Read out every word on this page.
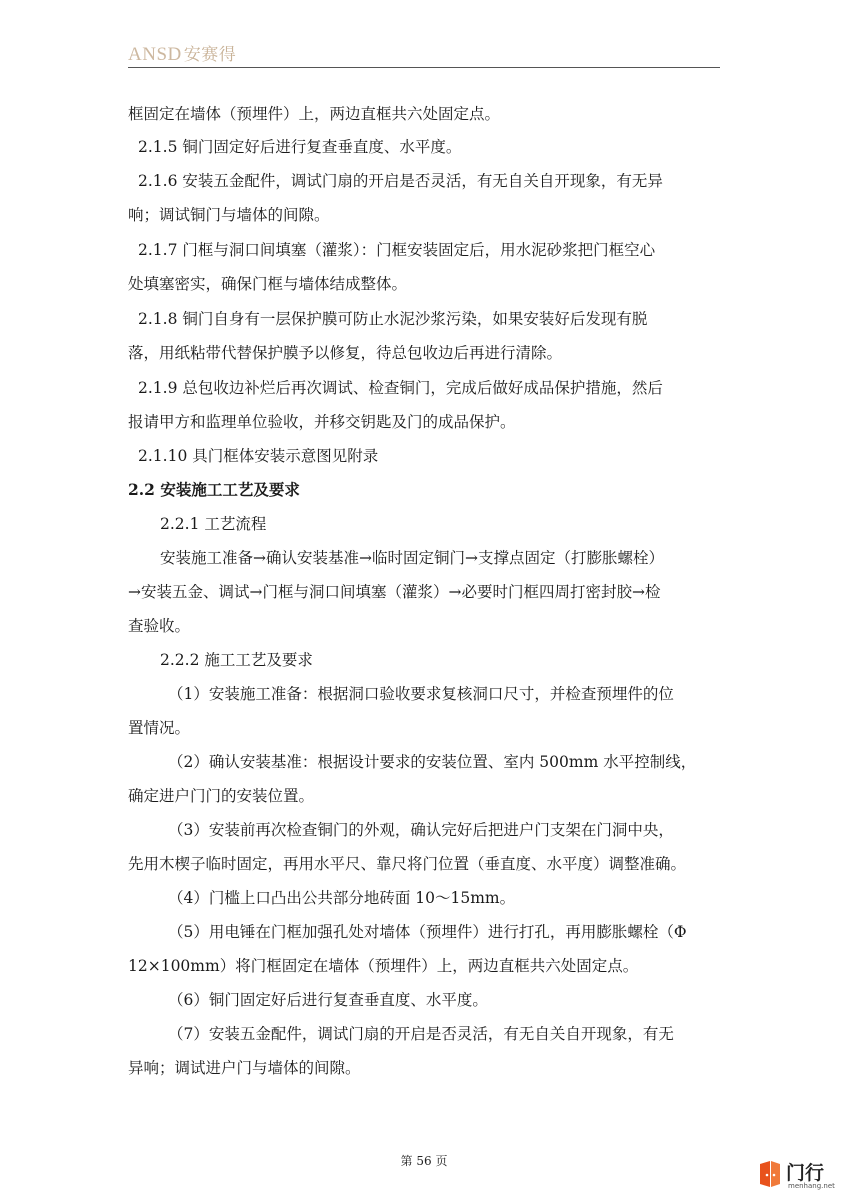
ANSD 安赛得
框固定在墙体（预埋件）上，两边直框共六处固定点。
2.1.5 铜门固定好后进行复查垂直度、水平度。
2.1.6 安装五金配件，调试门扇的开启是否灵活，有无自关自开现象，有无异
响；调试铜门与墙体的间隙。
2.1.7 门框与洞口间填塞（灌浆）：门框安装固定后，用水泥砂浆把门框空心
处填塞密实，确保门框与墙体结成整体。
2.1.8 铜门自身有一层保护膜可防止水泥沙浆污染，如果安装好后发现有脱
落，用纸粘带代替保护膜予以修复，待总包收边后再进行清除。
2.1.9 总包收边补烂后再次调试、检查铜门，完成后做好成品保护措施，然后
报请甲方和监理单位验收，并移交钥匙及门的成品保护。
2.1.10 具门框体安装示意图见附录
2.2 安装施工工艺及要求
2.2.1 工艺流程
安装施工准备→确认安装基准→临时固定铜门→支撑点固定（打膨胀螺栓）
→安装五金、调试→门框与洞口间填塞（灌浆）→必要时门框四周打密封胶→检
查验收。
2.2.2 施工工艺及要求
（1）安装施工准备：根据洞口验收要求复核洞口尺寸，并检查预埋件的位
置情况。
（2）确认安装基准：根据设计要求的安装位置、室内 500mm 水平控制线，
确定进户门门的安装位置。
（3）安装前再次检查铜门的外观，确认完好后把进户门支架在门洞中央，
先用木楔子临时固定，再用水平尺、靠尺将门位置（垂直度、水平度）调整准确。
（4）门槛上口凸出公共部分地砖面 10～15mm。
（5）用电锤在门框加强孔处对墙体（预埋件）进行打孔，再用膨胀螺栓（Φ
12×100mm）将门框固定在墙体（预埋件）上，两边直框共六处固定点。
（6）铜门固定好后进行复查垂直度、水平度。
（7）安装五金配件，调试门扇的开启是否灵活，有无自关自开现象，有无
异响；调试进户门与墙体的间隙。
第 56 页
门行
menhang.net
